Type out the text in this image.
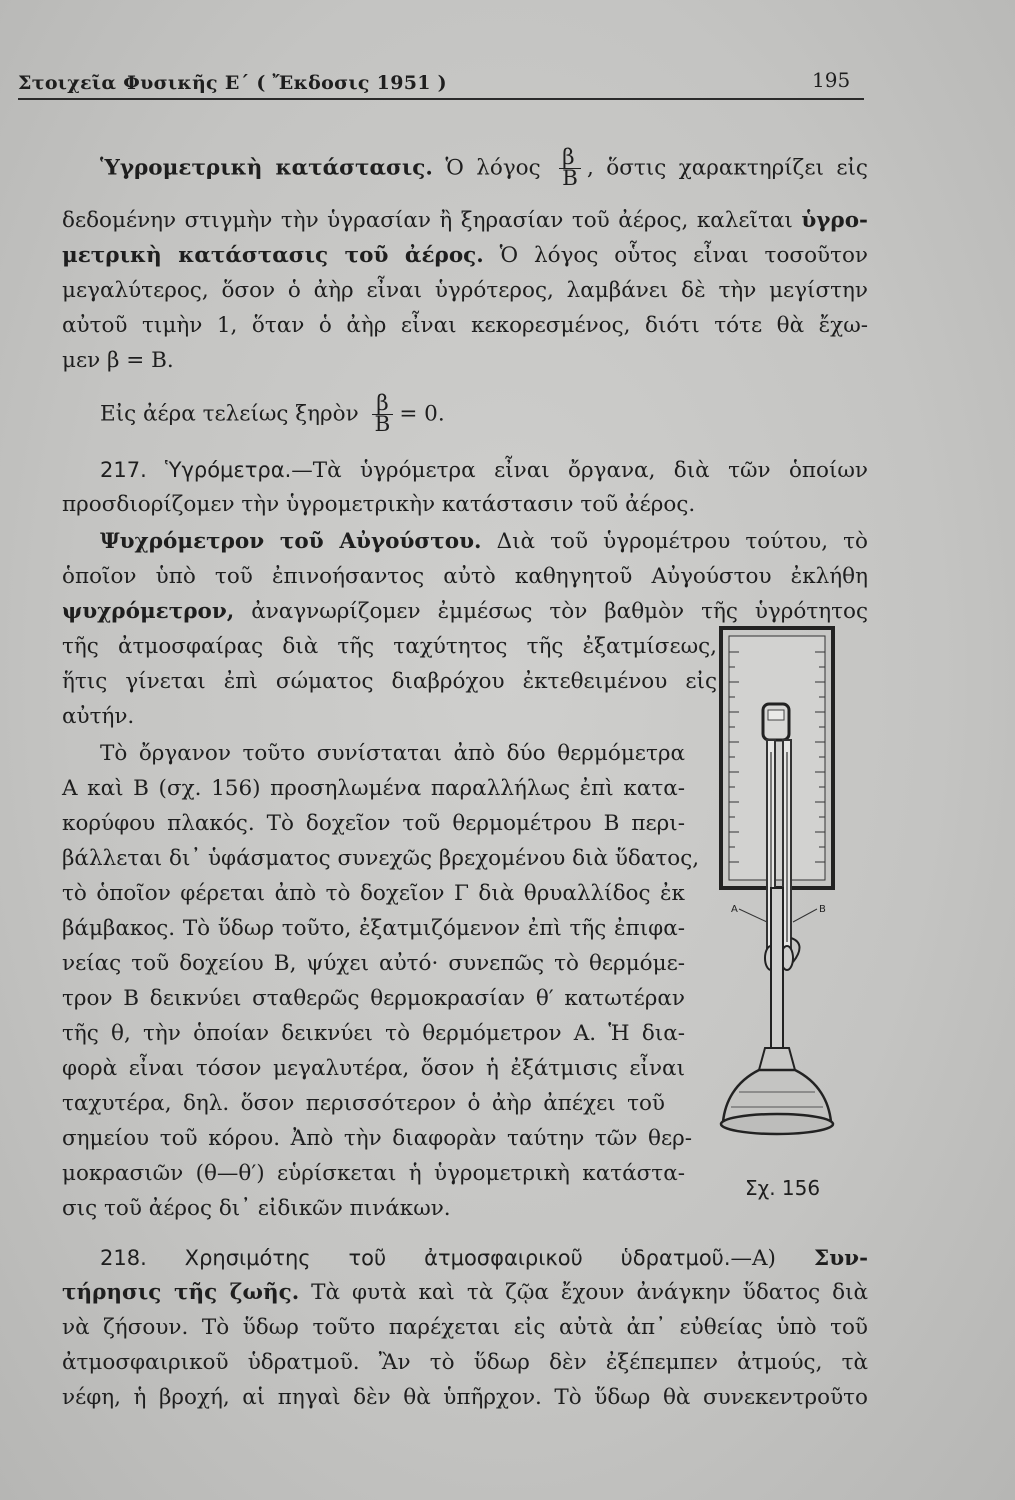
Στοιχεῖα Φυσικῆς Ε΄ ( Ἔκδοσις 1951 )	195
Ὑγρομετρικὴ κατάστασις. Ὁ λόγος $\frac{\beta}{B}$ , ὅστις χαρακτηρίζει εἰς
δεδομένην στιγμὴν τὴν ὑγρασίαν ἢ ξηρασίαν τοῦ ἀέρος, καλεῖται ὑγρο-
μετρικὴ κατάστασις τοῦ ἀέρος. Ὁ λόγος οὗτος εἶναι τοσοῦτον
μεγαλύτερος, ὅσον ὁ ἀὴρ εἶναι ὑγρότερος, λαμβάνει δὲ τὴν μεγίστην
αὐτοῦ τιμὴν 1, ὅταν ὁ ἀὴρ εἶναι κεκορεσμένος, διότι τότε θὰ ἔχω-
μεν β = Β.
Εἰς ἀέρα τελείως ξηρὸν $\frac{\beta}{B} = 0$.
217. Ὑγρόμετρα.—Τὰ ὑγρόμετρα εἶναι ὄργανα, διὰ τῶν ὁποίων
προσδιορίζομεν τὴν ὑγρομετρικὴν κατάστασιν τοῦ ἀέρος.
Ψυχρόμετρον τοῦ Αὐγούστου. Διὰ τοῦ ὑγρομέτρου τούτου, τὸ
ὁποῖον ὑπὸ τοῦ ἐπινοήσαντος αὐτὸ καθηγητοῦ Αὐγούστου ἐκλήθη
ψυχρόμετρον, ἀναγνωρίζομεν ἐμμέσως τὸν βαθμὸν τῆς ὑγρότητος
τῆς ἀτμοσφαίρας διὰ τῆς ταχύτητος τῆς ἐξατμίσεως,
ἥτις γίνεται ἐπὶ σώματος διαβρόχου ἐκτεθειμένου εἰς
αὐτήν.
Τὸ ὄργανον τοῦτο συνίσταται ἀπὸ δύο θερμόμετρα
Α καὶ Β (σχ. 156) προσηλωμένα παραλλήλως ἐπὶ κατα-
κορύφου πλακός. Τὸ δοχεῖον τοῦ θερμομέτρου Β περι-
βάλλεται δι᾿ ὑφάσματος συνεχῶς βρεχομένου διὰ ὕδατος,
τὸ ὁποῖον φέρεται ἀπὸ τὸ δοχεῖον Γ διὰ θρυαλλίδος ἐκ
βάμβακος. Τὸ ὕδωρ τοῦτο, ἐξατμιζόμενον ἐπὶ τῆς ἐπιφα-
νείας τοῦ δοχείου Β, ψύχει αὐτό· συνεπῶς τὸ θερμόμε-
τρον Β δεικνύει σταθερῶς θερμοκρασίαν θ′ κατωτέραν
τῆς θ, τὴν ὁποίαν δεικνύει τὸ θερμόμετρον Α. Ἡ δια-
φορὰ εἶναι τόσον μεγαλυτέρα, ὅσον ἡ ἐξάτμισις εἶναι
ταχυτέρα, δηλ. ὅσον περισσότερον ὁ ἀὴρ ἀπέχει τοῦ
σημείου τοῦ κόρου. Ἀπὸ τὴν διαφορὰν ταύτην τῶν θερ-
μοκρασιῶν (θ—θ′) εὑρίσκεται ἡ ὑγρομετρικὴ κατάστα-
σις τοῦ ἀέρος δι᾿ εἰδικῶν πινάκων.
Α	Β
Σχ. 156
218. Χρησιμότης τοῦ ἀτμοσφαιρικοῦ ὑδρατμοῦ.—Α) Συν-
τήρησις τῆς ζωῆς. Τὰ φυτὰ καὶ τὰ ζῷα ἔχουν ἀνάγκην ὕδατος διὰ
νὰ ζήσουν. Τὸ ὕδωρ τοῦτο παρέχεται εἰς αὐτὰ ἀπ᾿ εὐθείας ὑπὸ τοῦ
ἀτμοσφαιρικοῦ ὑδρατμοῦ. Ἂν τὸ ὕδωρ δὲν ἐξέπεμπεν ἀτμούς, τὰ
νέφη, ἡ βροχή, αἱ πηγαὶ δὲν θὰ ὑπῆρχον. Τὸ ὕδωρ θὰ συνεκεντροῦτο
